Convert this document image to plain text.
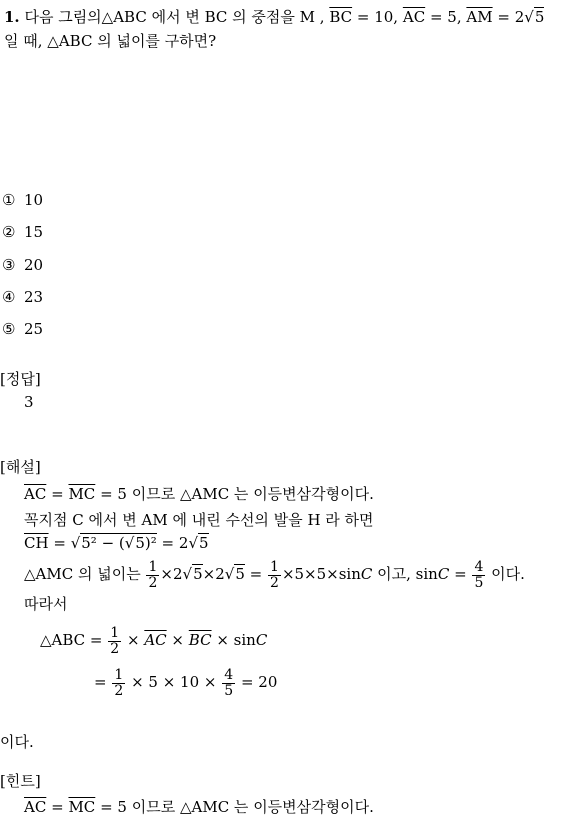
1. 다음 그림의△ABC 에서 변 BC 의 중점을 M , $\overline{BC} = 10$, $\overline{AC} = 5$, $\overline{AM} = 2√5$
일 때, △ABC 의 넓이를 구하면?
① 10
② 15
③ 20
④ 23
⑤ 25
[정답]
3
[해설]
$\overline{AC} = \overline{MC} = 5$ 이므로 △AMC 는 이등변삼각형이다.
꼭지점 C 에서 변 AM 에 내린 수선의 발을 H 라 하면
$\overline{CH} = √5^2 - (√5)^2 = 2√5$
△AMC 의 넓이는 $\frac{1}{2} \times 2√5\times 2√5 = \frac{1}{2} \times 5\times 5\times\sin C$ 이고, $\sin C = \frac{4}{5}$ 이다.
따라서
△ABC = $\frac{1}{2} \times \overline{AC} \times \overline{BC} \times \sin C$
= $\frac{1}{2} \times 5 \times 10 \times \frac{4}{5} = 20$
이다.
[힌트]
$\overline{AC} = \overline{MC} = 5$ 이므로 △AMC 는 이등변삼각형이다.
